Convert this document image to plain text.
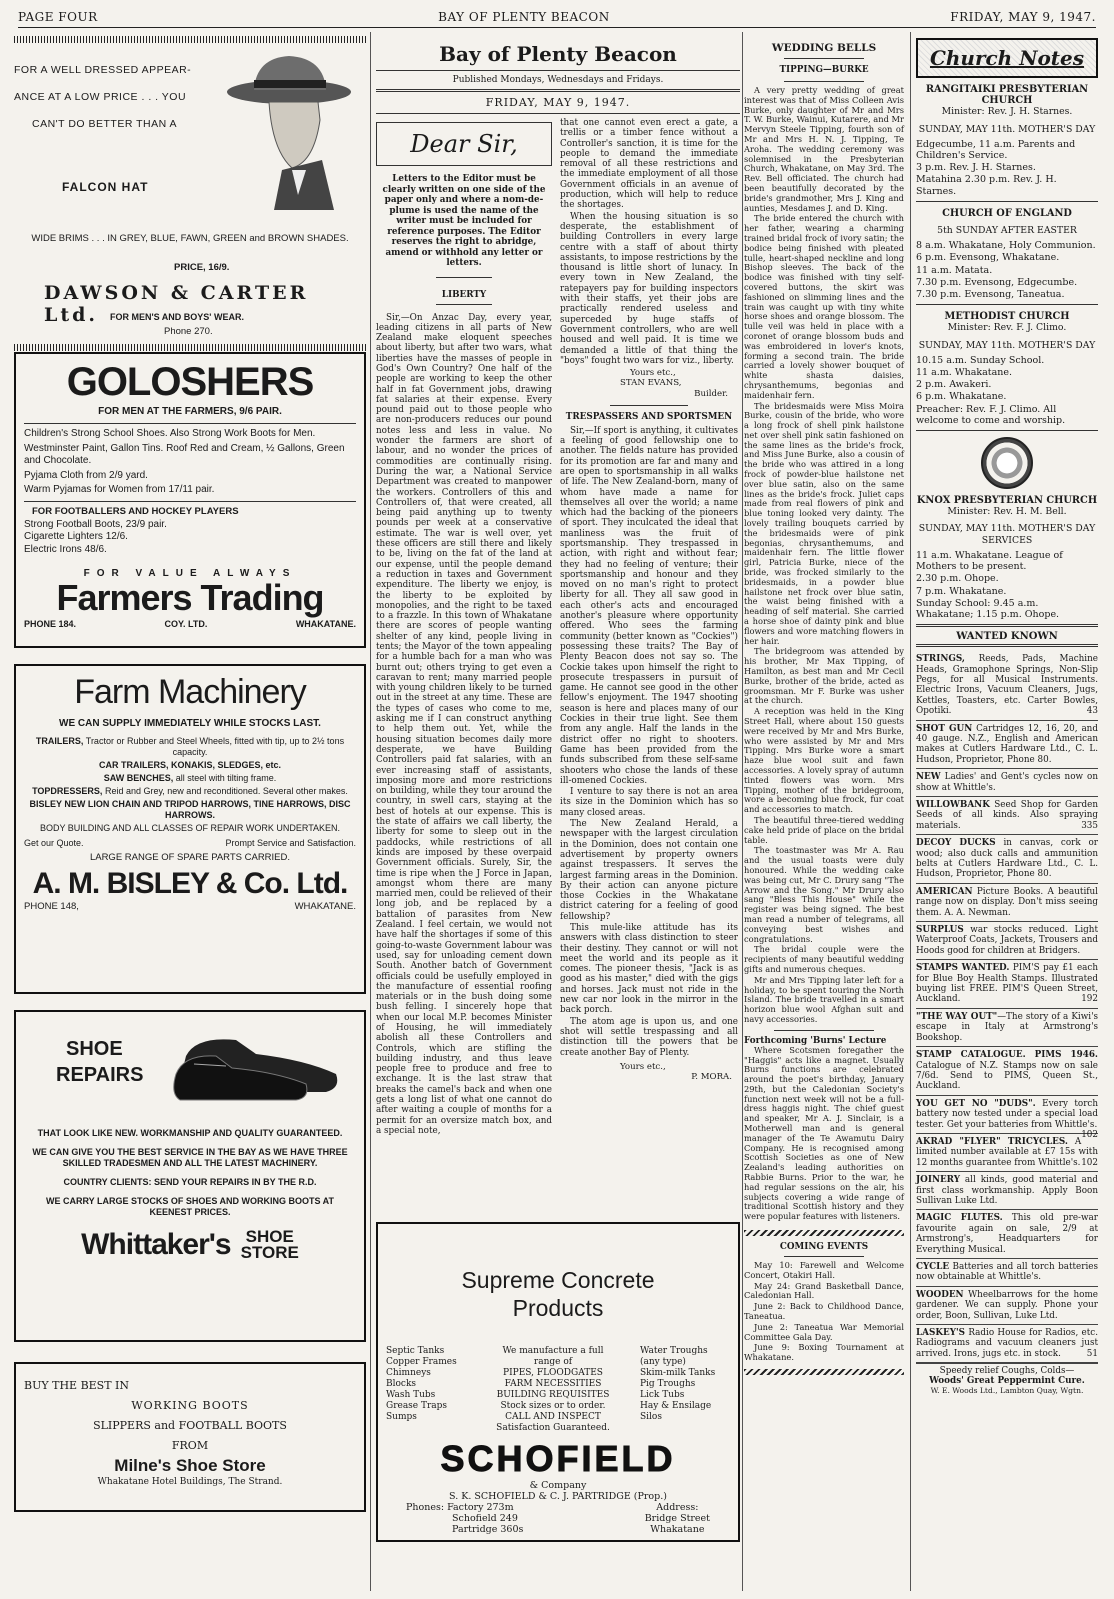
PAGE FOUR	BAY OF PLENTY BEACON	FRIDAY, MAY 9, 1947.
FOR A WELL DRESSED APPEAR-
ANCE AT A LOW PRICE . . . YOU
CAN'T DO BETTER THAN A
FALCON HAT
WIDE BRIMS . . . IN GREY, BLUE, FAWN, GREEN and BROWN SHADES.
PRICE, 16/9.
DAWSON & CARTER Ltd.	FOR MEN'S AND BOYS' WEAR.
Phone 270.
GOLOSHERS
FOR MEN AT THE FARMERS, 9/6 PAIR.
Children's Strong School Shoes. Also Strong Work Boots for Men.
Westminster Paint, Gallon Tins. Roof Red and Cream, ½ Gallons, Green and Chocolate.
Pyjama Cloth from 2/9 yard.
Warm Pyjamas for Women from 17/11 pair.
FOR FOOTBALLERS AND HOCKEY PLAYERS
Strong Football Boots, 23/9 pair.
Cigarette Lighters 12/6.
Electric Irons 48/6.
FOR VALUE ALWAYS
Farmers Trading
PHONE 184.	COY. LTD.	WHAKATANE.
Farm Machinery
WE CAN SUPPLY IMMEDIATELY WHILE STOCKS LAST.
TRAILERS, Tractor or Rubber and Steel Wheels, fitted with tip, up to 2½ tons capacity.
CAR TRAILERS, KONAKIS, SLEDGES, etc.
SAW BENCHES, all steel with tilting frame.
TOPDRESSERS, Reid and Grey, new and reconditioned. Several other makes.
BISLEY NEW LION CHAIN AND TRIPOD HARROWS, TINE HARROWS, DISC HARROWS.
BODY BUILDING AND ALL CLASSES OF REPAIR WORK UNDERTAKEN.
Get our Quote.	Prompt Service and Satisfaction.
LARGE RANGE OF SPARE PARTS CARRIED.
A. M. BISLEY & Co. Ltd.
PHONE 148,	WHAKATANE.
SHOE
REPAIRS
THAT LOOK LIKE NEW. WORKMANSHIP AND QUALITY GUARANTEED.
WE CAN GIVE YOU THE BEST SERVICE IN THE BAY AS WE HAVE THREE SKILLED TRADESMEN AND ALL THE LATEST MACHINERY.
COUNTRY CLIENTS: SEND YOUR REPAIRS IN BY THE R.D.
WE CARRY LARGE STOCKS OF SHOES AND WORKING BOOTS AT KEENEST PRICES.
Whittaker's SHOE
STORE
BUY THE BEST IN
WORKING BOOTS
SLIPPERS and FOOTBALL BOOTS
FROM
Milne's Shoe Store
Whakatane Hotel Buildings, The Strand.
Bay of Plenty Beacon
Published Mondays, Wednesdays and Fridays.
FRIDAY, MAY 9, 1947.
Dear Sir,
Letters to the Editor must be clearly written on one side of the paper only and where a nom-de-plume is used the name of the writer must be included for reference purposes. The Editor reserves the right to abridge, amend or withhold any letter or letters.
LIBERTY

Sir,—On Anzac Day, every year, leading citizens in all parts of New Zealand make eloquent speeches about liberty, but after two wars, what liberties have the masses of people in God's Own Country? One half of the people are working to keep the other half in fat Government jobs, drawing fat salaries at their expense. Every pound paid out to those people who are non-producers reduces our pound notes less and less in value. No wonder the farmers are short of labour, and no wonder the prices of commodities are continually rising. During the war, a National Service Department was created to manpower the workers. Controllers of this and Controllers of, that were created, all being paid anything up to twenty pounds per week at a conservative estimate. The war is well over, yet these officers are still there and likely to be, living on the fat of the land at our expense, until the people demand a reduction in taxes and Government expenditure. The liberty we enjoy, is the liberty to be exploited by monopolies, and the right to be taxed to a frazzle. In this town of Whakatane there are scores of people wanting shelter of any kind, people living in tents; the Mayor of the town appealing for a humble bach for a man who was burnt out; others trying to get even a caravan to rent; many married people with young children likely to be turned out in the street at any time. These are the types of cases who come to me, asking me if I can construct anything to help them out. Yet, while the housing situation becomes daily more desperate, we have Building Controllers paid fat salaries, with an ever increasing staff of assistants, imposing more and more restrictions on building, while they tour around the country, in swell cars, staying at the best of hotels at our expense. This is the state of affairs we call liberty, the liberty for some to sleep out in the paddocks, while restrictions of all kinds are imposed by these overpaid Government officials. Surely, Sir, the time is ripe when the J Force in Japan, amongst whom there are many married men, could be relieved of their long job, and be replaced by a battalion of parasites from New Zealand. I feel certain, we would not have half the shortages if some of this going-to-waste Government labour was used, say for unloading cement down South. Another batch of Government officials could be usefully employed in the manufacture of essential roofing materials or in the bush doing some bush felling. I sincerely hope that when our local M.P. becomes Minister of Housing, he will immediately abolish all these Controllers and Controls, which are stifling the building industry, and thus leave people free to produce and free to exchange. It is the last straw that breaks the camel's back and when one gets a long list of what one cannot do after waiting a couple of months for a permit for an oversize match box, and a special note,

that one cannot even erect a gate, a trellis or a timber fence without a Controller's sanction, it is time for the people to demand the immediate removal of all these restrictions and the immediate employment of all those Government officials in an avenue of production, which will help to reduce the shortages.

When the housing situation is so desperate, the establishment of building Controllers in every large centre with a staff of about thirty assistants, to impose restrictions by the thousand is little short of lunacy. In every town in New Zealand, the ratepayers pay for building inspectors with their staffs, yet their jobs are practically rendered useless and superceded by huge staffs of Government controllers, who are well housed and well paid. It is time we demanded a little of that thing the "boys" fought two wars for viz., liberty.

Yours etc.,
STAN EVANS,
Builder.
TRESPASSERS AND SPORTSMEN

Sir,—If sport is anything, it cultivates a feeling of good fellowship one to another. The fields nature has provided for its promotion are far and many and are open to sportsmanship in all walks of life. The New Zealand-born, many of whom have made a name for themselves all over the world; a name which had the backing of the pioneers of sport. They inculcated the ideal that manliness was the fruit of sportsmanship. They trespassed in action, with right and without fear; they had no feeling of venture; their sportsmanship and honour and they moved on no man's right to protect liberty for all. They all saw good in each other's acts and encouraged another's pleasure where opportunity offered. Who sees the farming community (better known as "Cockies") possessing these traits? The Bay of Plenty Beacon does not say so. The Cockie takes upon himself the right to prosecute trespassers in pursuit of game. He cannot see good in the other fellow's enjoyment. The 1947 shooting season is here and places many of our Cockies in their true light. See them from any angle. Half the lands in the district offer no right to shooters. Game has been provided from the funds subscribed from these self-same shooters who chose the lands of these ill-omened Cockies.

I venture to say there is not an area its size in the Dominion which has so many closed areas.

The New Zealand Herald, a newspaper with the largest circulation in the Dominion, does not contain one advertisement by property owners against trespassers. It serves the largest farming areas in the Dominion. By their action can anyone picture those Cockies in the Whakatane district catering for a feeling of good fellowship?

This mule-like attitude has its answers with class distinction to steer their destiny. They cannot or will not meet the world and its people as it comes. The pioneer thesis, "Jack is as good as his master," died with the gigs and horses. Jack must not ride in the new car nor look in the mirror in the back porch.

The atom age is upon us, and one shot will settle trespassing and all distinction till the powers that be create another Bay of Plenty.

Yours etc.,
P. MORA.
Supreme Concrete
Products
Septic Tanks
Copper Frames
Chimneys
Blocks
Wash Tubs
Grease Traps
Sumps
We manufacture a full range of
PIPES, FLOODGATES
FARM NECESSITIES
BUILDING REQUISITES
Stock sizes or to order.
CALL AND INSPECT
Satisfaction Guaranteed.
Water Troughs
(any type)
Skim-milk Tanks
Pig Troughs
Lick Tubs
Hay & Ensilage
Silos
SCHOFIELD
& Company
S. K. SCHOFIELD & C. J. PARTRIDGE (Prop.)
Phones: Factory 273m
Schofield 249
Partridge 360s
Address:
Bridge Street
Whakatane
WEDDING BELLS
TIPPING—BURKE

A very pretty wedding of great interest was that of Miss Colleen Avis Burke, only daughter of Mr and Mrs T. W. Burke, Wainui, Kutarere, and Mr Mervyn Steele Tipping, fourth son of Mr and Mrs H. N. J. Tipping, Te Aroha. The wedding ceremony was solemnised in the Presbyterian Church, Whakatane, on May 3rd. The Rev. Bell officiated. The church had been beautifully decorated by the bride's grandmother, Mrs J. King and aunties, Mesdames J. and D. King.

The bride entered the church with her father, wearing a charming trained bridal frock of ivory satin; the bodice being finished with pleated tulle, heart-shaped neckline and long Bishop sleeves. The back of the bodice was finished with tiny self-covered buttons, the skirt was fashioned on slimming lines and the train was caught up with tiny white horse shoes and orange blossom. The tulle veil was held in place with a coronet of orange blossom buds and was embroidered in lover's knots, forming a second train. The bride carried a lovely shower bouquet of white shasta daisies, chrysanthemums, begonias and maidenhair fern.

The bridesmaids were Miss Moira Burke, cousin of the bride, who wore a long frock of shell pink hailstone net over shell pink satin fashioned on the same lines as the bride's frock, and Miss June Burke, also a cousin of the bride who was attired in a long frock of powder-blue hailstone net over blue satin, also on the same lines as the bride's frock. Juliet caps made from real flowers of pink and blue toning looked very dainty. The lovely trailing bouquets carried by the bridesmaids were of pink begonias, chrysanthemums, and maidenhair fern. The little flower girl, Patricia Burke, niece of the bride, was frocked similarly to the bridesmaids, in a powder blue hailstone net frock over blue satin, the waist being finished with a heading of self material. She carried a horse shoe of dainty pink and blue flowers and wore matching flowers in her hair.

The bridegroom was attended by his brother, Mr Max Tipping, of Hamilton, as best man and Mr Cecil Burke, brother of the bride, acted as groomsman. Mr F. Burke was usher at the church.

A reception was held in the King Street Hall, where about 150 guests were received by Mr and Mrs Burke, who were assisted by Mr and Mrs Tipping. Mrs Burke wore a smart haze blue wool suit and fawn accessories. A lovely spray of autumn tinted flowers was worn. Mrs Tipping, mother of the bridegroom, wore a becoming blue frock, fur coat and accessories to match.

The beautiful three-tiered wedding cake held pride of place on the bridal table.

The toastmaster was Mr A. Rau and the usual toasts were duly honoured. While the wedding cake was being cut, Mr C. Drury sang "The Arrow and the Song." Mr Drury also sang "Bless This House" while the register was being signed. The best man read a number of telegrams, all conveying best wishes and congratulations.

The bridal couple were the recipients of many beautiful wedding gifts and numerous cheques.

Mr and Mrs Tipping later left for a holiday, to be spent touring the North Island. The bride travelled in a smart horizon blue wool Afghan suit and navy accessories.

Forthcoming 'Burns' Lecture

Where Scotsmen foregather the "Haggis" acts like a magnet. Usually Burns functions are celebrated around the poet's birthday, January 29th, but the Caledonian Society's function next week will not be a full-dress haggis night. The chief guest and speaker, Mr A. J. Sinclair, is a Motherwell man and is general manager of the Te Awamutu Dairy Company. He is recognised among Scottish Societies as one of New Zealand's leading authorities on Rabbie Burns. Prior to the war, he had regular sessions on the air, his subjects covering a wide range of traditional Scottish history and they were popular features with listeners.

COMING EVENTS

May 10: Farewell and Welcome Concert, Otakiri Hall.

May 24: Grand Basketball Dance, Caledonian Hall.

June 2: Back to Childhood Dance, Taneatua.

June 2: Taneatua War Memorial Committee Gala Day.

June 9: Boxing Tournament at Whakatane.

Church Notes
RANGITAIKI PRESBYTERIAN CHURCH
Minister: Rev. J. H. Starnes.
SUNDAY, MAY 11th. MOTHER'S DAY

Edgecumbe, 11 a.m. Parents and Children's Service.

3 p.m. Rev. J. H. Starnes.

Matahina 2.30 p.m. Rev. J. H. Starnes.

CHURCH OF ENGLAND
5th SUNDAY AFTER EASTER

8 a.m. Whakatane, Holy Communion.

6 p.m. Evensong, Whakatane.

11 a.m. Matata.

7.30 p.m. Evensong, Edgecumbe.

7.30 p.m. Evensong, Taneatua.

METHODIST CHURCH
Minister: Rev. F. J. Climo.
SUNDAY, MAY 11th. MOTHER'S DAY

10.15 a.m. Sunday School.

11 a.m. Whakatane.

2 p.m. Awakeri.

6 p.m. Whakatane.

Preacher: Rev. F. J. Climo. All welcome to come and worship.

KNOX PRESBYTERIAN CHURCH
Minister: Rev. H. M. Bell.
SUNDAY, MAY 11th. MOTHER'S DAY SERVICES

11 a.m. Whakatane. League of Mothers to be present.

2.30 p.m. Ohope.

7 p.m. Whakatane.

Sunday School: 9.45 a.m. Whakatane; 1.15 p.m. Ohope.

WANTED KNOWN
STRINGS, Reeds, Pads, Machine Heads, Gramophone Springs, Non-Slip Pegs, for all Musical Instruments. Electric Irons, Vacuum Cleaners, Jugs, Kettles, Toasters, etc. Carter Bowles, Opotiki.	43
SHOT GUN Cartridges 12, 16, 20, and 40 gauge. N.Z., English and American makes at Cutlers Hardware Ltd., C. L. Hudson, Proprietor, Phone 80.
NEW Ladies' and Gent's cycles now on show at Whittle's.
WILLOWBANK Seed Shop for Garden Seeds of all kinds. Also spraying materials.	335
DECOY DUCKS in canvas, cork or wood; also duck calls and ammunition belts at Cutlers Hardware Ltd., C. L. Hudson, Proprietor, Phone 80.
AMERICAN Picture Books. A beautiful range now on display. Don't miss seeing them. A. A. Newman.
SURPLUS war stocks reduced. Light Waterproof Coats, Jackets, Trousers and Hoods good for children at Bridgers.
STAMPS WANTED. PIM'S pay £1 each for Blue Boy Health Stamps. Illustrated buying list FREE. PIM'S Queen Street, Auckland.	192
"THE WAY OUT"—The story of a Kiwi's escape in Italy at Armstrong's Bookshop.
STAMP CATALOGUE. PIMS 1946. Catalogue of N.Z. Stamps now on sale 7/6d. Send to PIMS, Queen St., Auckland.
YOU GET NO "DUDS". Every torch battery now tested under a special load tester. Get your batteries from Whittle's.
102
AKRAD "FLYER" TRICYCLES. A limited number available at £7 15s with 12 months guarantee from Whittle's. 102
JOINERY all kinds, good material and first class workmanship. Apply Boon Sullivan Luke Ltd.
MAGIC FLUTES. This old pre-war favourite again on sale, 2/9 at Armstrong's, Headquarters for Everything Musical.
CYCLE Batteries and all torch batteries now obtainable at Whittle's.
WOODEN Wheelbarrows for the home gardener. We can supply. Phone your order, Boon, Sullivan, Luke Ltd.
LASKEY'S Radio House for Radios, etc. Radiograms and vacuum cleaners just arrived. Irons, jugs etc. in stock.	51
Speedy relief Coughs, Colds—
Woods' Great Peppermint Cure.
W. E. Woods Ltd., Lambton Quay, Wgtn.
